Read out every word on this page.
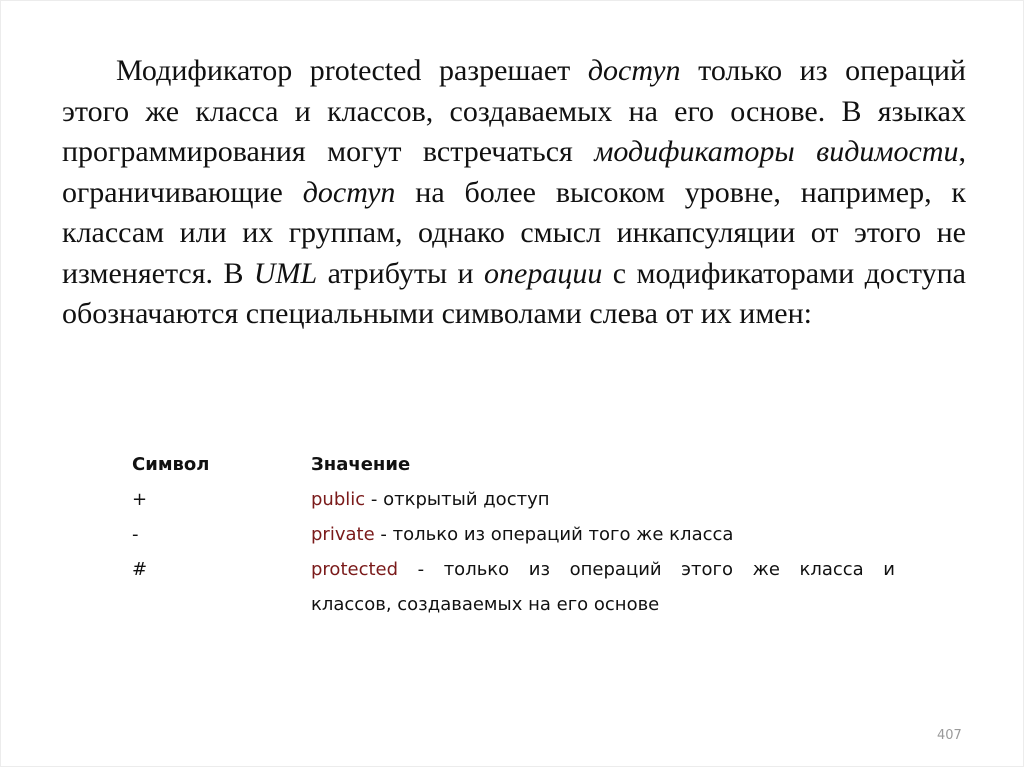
Модификатор protected разрешает доступ только из операций этого же класса и классов, создаваемых на его основе. В языках программирования могут встречаться модификаторы видимости, ограничивающие доступ на более высоком уровне, например, к классам или их группам, однако смысл инкапсуляции от этого не изменяется. В UML атрибуты и операции с модификаторами доступа обозначаются специальными символами слева от их имен:
Символ	Значение
+	public - открытый доступ
-	private - только из операций того же класса
#	protected - только из операций этого же класса и
классов, создаваемых на его основе
407
